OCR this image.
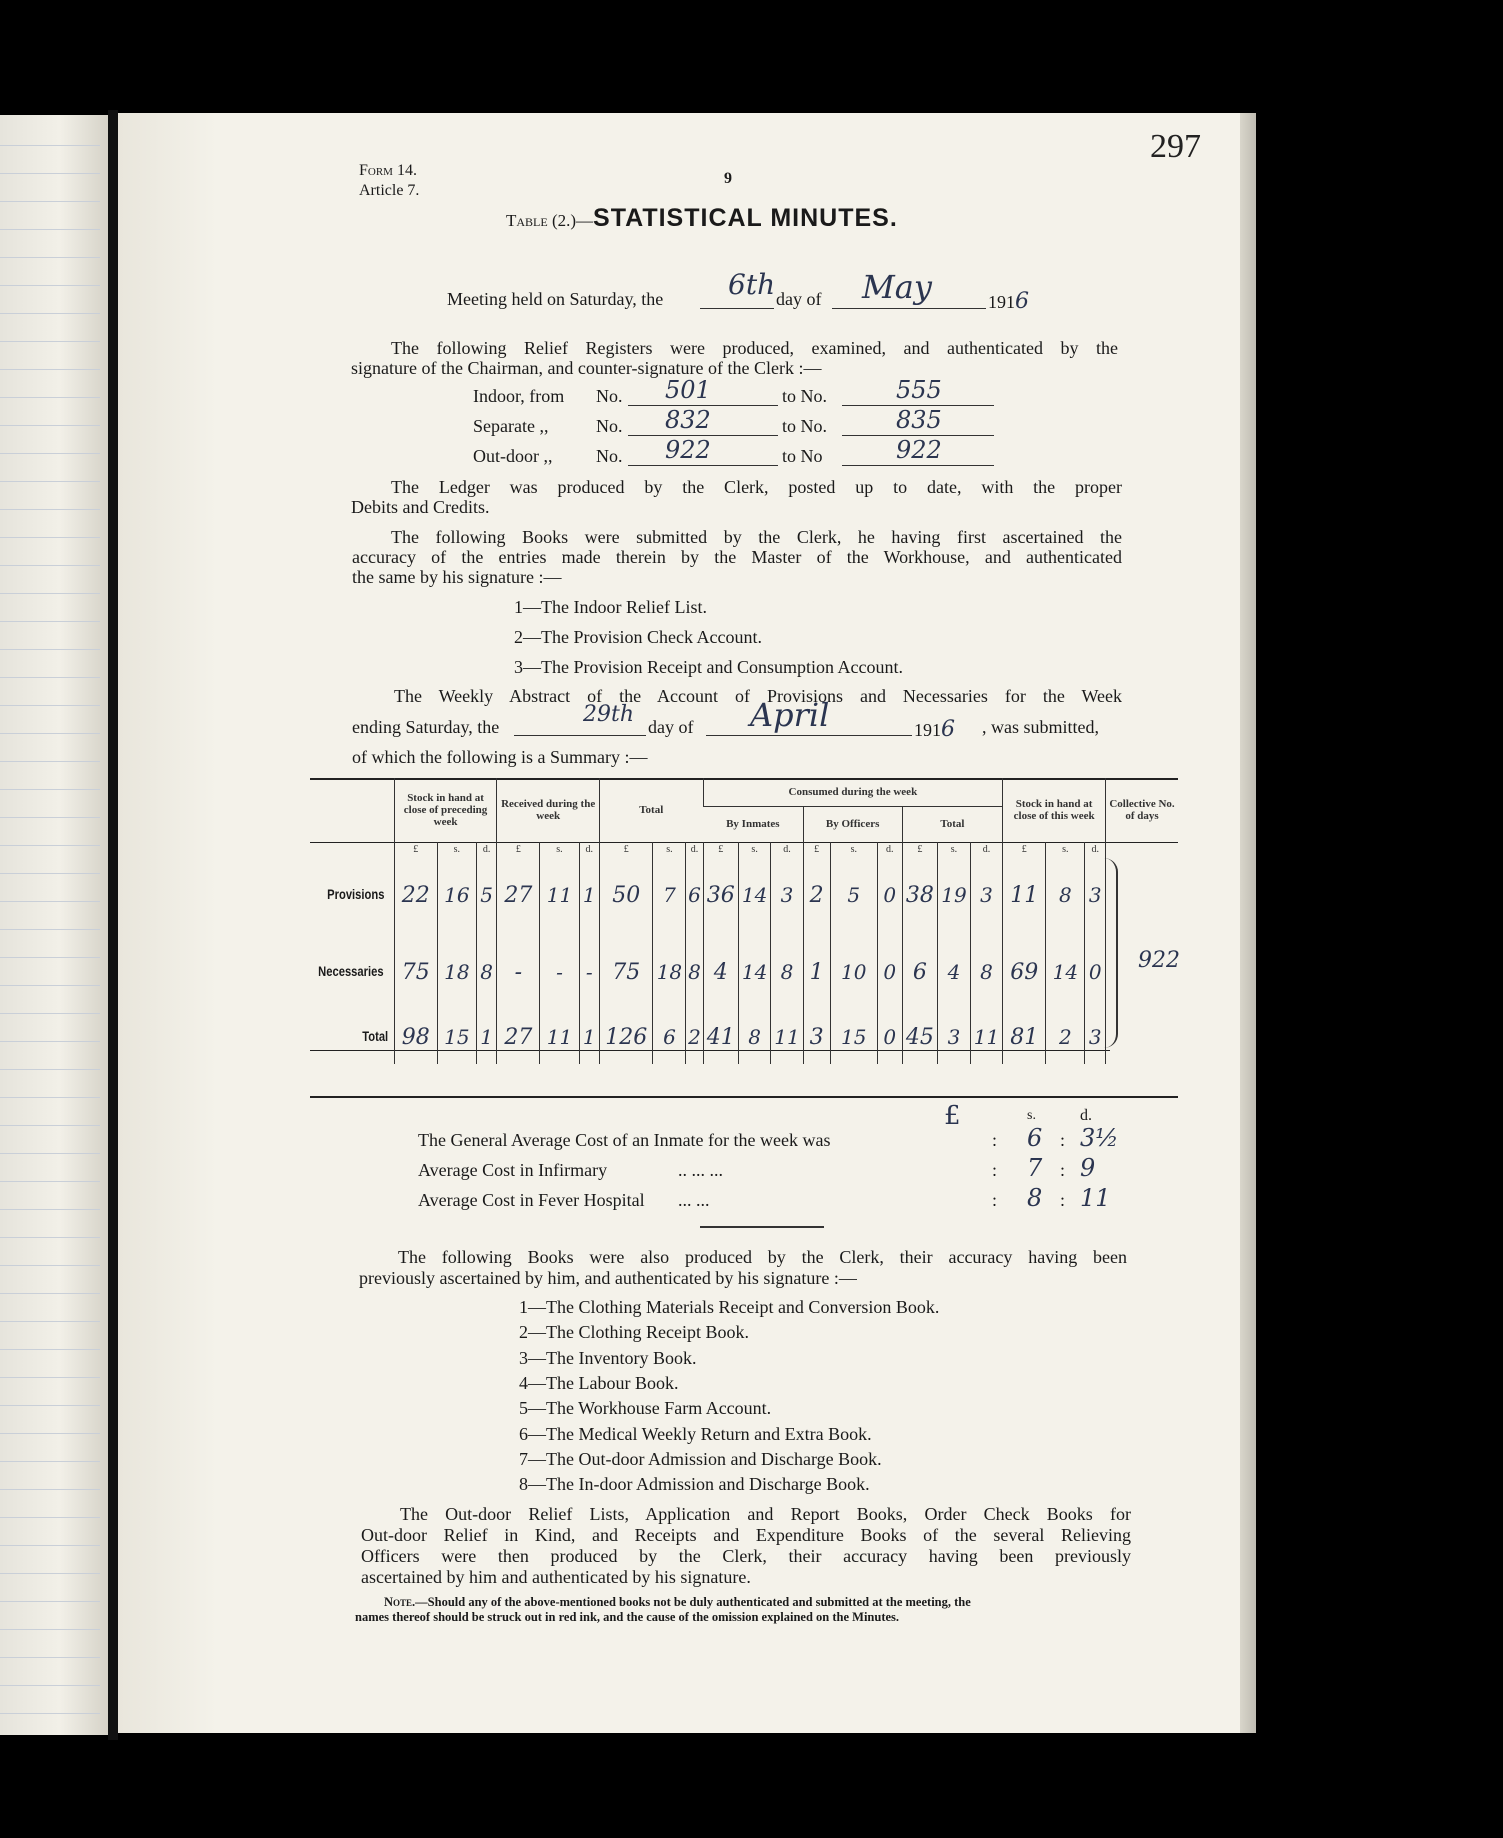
297
Form 14.
Article 7.
9
Table (2.)—STATISTICAL MINUTES.
Meeting held on Saturday, the 6th day of May	1916
The following Relief Registers were produced, examined, and authenticated by the
signature of the Chairman, and counter-signature of the Clerk :—
Indoor, from No. 501	to No.	555
Separate ,,	No. 832	to No.	835
Out-door ,, No. 922	to No	922
The Ledger was produced by the Clerk, posted up to date, with the proper
Debits and Credits.
The following Books were submitted by the Clerk, he having first ascertained the
accuracy of the entries made therein by the Master of the Workhouse, and authenticated
the same by his signature :—
1—The Indoor Relief List.
2—The Provision Check Account.
3—The Provision Receipt and Consumption Account.
The Weekly Abstract of the Account of Provisions and Necessaries for the Week
ending Saturday, the	29th day of April	1916 , was submitted,
of which the following is a Summary :—
	Stock in hand at close of preceding week			Received during the week			Total			Consumed during the week									Stock in hand at close of this week			Collective No. of days
										By Inmates			By Officers			Total						
	£	s.	d.	£	s.	d.	£	s.	d.	£	s.	d.	£	s.	d.	£	s.	d.	£	s.	d.	
Provisions	22	16	5	27	11	1	50	7	6	36	14	3	2	5	0	38	19	3	11	8	3	
Necessaries	75	18	8	-	-	-	75	18	8	4	14	8	1	10	0	6	4	8	69	14	0	
Total	98	15	1	27	11	1	126	6	2	41	8	11	3	15	0	45	3	11	81	2	3	
922
£	s.	d.
The General Average Cost of an Inmate for the week was	: 6 : 3½
Average Cost in Infirmary	.. ... ...	: 7 : 9
Average Cost in Fever Hospital ... ...	: 8 : 11
The following Books were also produced by the Clerk, their accuracy having been
previously ascertained by him, and authenticated by his signature :—
1—The Clothing Materials Receipt and Conversion Book.
2—The Clothing Receipt Book.
3—The Inventory Book.
4—The Labour Book.
5—The Workhouse Farm Account.
6—The Medical Weekly Return and Extra Book.
7—The Out-door Admission and Discharge Book.
8—The In-door Admission and Discharge Book.
The Out-door Relief Lists, Application and Report Books, Order Check Books for
Out-door Relief in Kind, and Receipts and Expenditure Books of the several Relieving
Officers were then produced by the Clerk, their accuracy having been previously
ascertained by him and authenticated by his signature.
Note.—Should any of the above-mentioned books not be duly authenticated and submitted at the meeting, the
names thereof should be struck out in red ink, and the cause of the omission explained on the Minutes.
